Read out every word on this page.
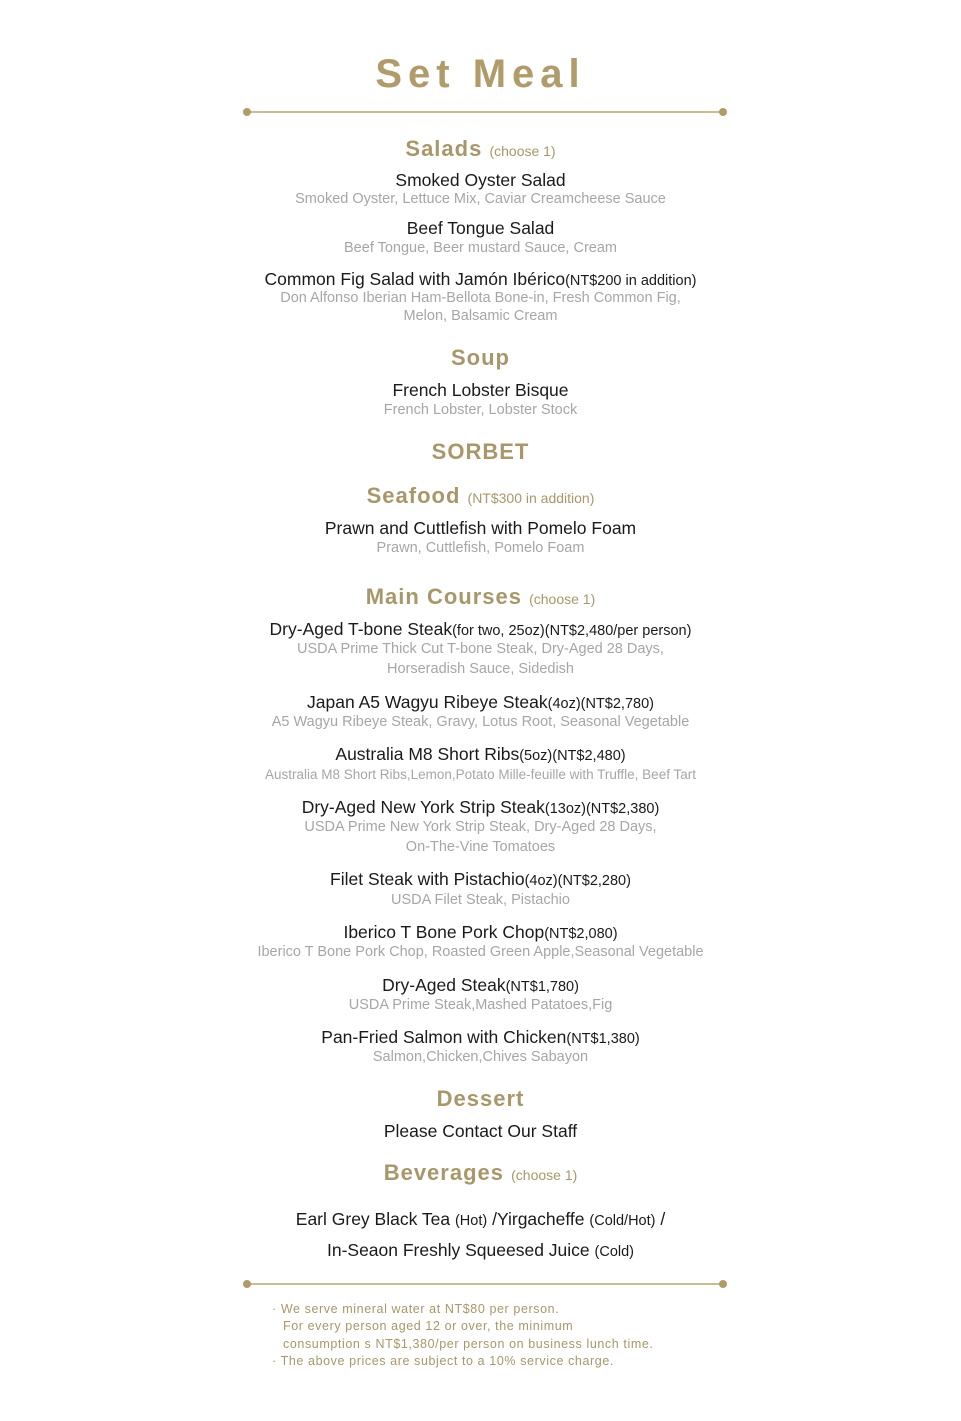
Set Meal
Salads (choose 1)
Smoked Oyster Salad
Smoked Oyster, Lettuce Mix, Caviar Creamcheese Sauce
Beef Tongue Salad
Beef Tongue, Beer mustard Sauce, Cream
Common Fig Salad with Jamón Ibérico(NT$200 in addition)
Don Alfonso Iberian Ham-Bellota Bone-in, Fresh Common Fig,
Melon, Balsamic Cream
Soup
French Lobster Bisque
French Lobster, Lobster Stock
SORBET
Seafood (NT$300 in addition)
Prawn and Cuttlefish with Pomelo Foam
Prawn, Cuttlefish, Pomelo Foam
Main Courses (choose 1)
Dry-Aged T-bone Steak(for two, 25oz)(NT$2,480/per person)
USDA Prime Thick Cut T-bone Steak, Dry-Aged 28 Days,
Horseradish Sauce, Sidedish
Japan A5 Wagyu Ribeye Steak(4oz)(NT$2,780)
A5 Wagyu Ribeye Steak, Gravy, Lotus Root, Seasonal Vegetable
Australia M8 Short Ribs(5oz)(NT$2,480)
Australia M8 Short Ribs,Lemon,Potato Mille-feuille with Truffle, Beef Tart
Dry-Aged New York Strip Steak(13oz)(NT$2,380)
USDA Prime New York Strip Steak, Dry-Aged 28 Days,
On-The-Vine Tomatoes
Filet Steak with Pistachio(4oz)(NT$2,280)
USDA Filet Steak, Pistachio
Iberico T Bone Pork Chop(NT$2,080)
Iberico T Bone Pork Chop, Roasted Green Apple,Seasonal Vegetable
Dry-Aged Steak(NT$1,780)
USDA Prime Steak,Mashed Patatoes,Fig
Pan-Fried Salmon with Chicken(NT$1,380)
Salmon,Chicken,Chives Sabayon
Dessert
Please Contact Our Staff
Beverages (choose 1)
Earl Grey Black Tea (Hot) /Yirgacheffe (Cold/Hot) /
In-Seaon Freshly Squeesed Juice (Cold)
· We serve mineral water at NT$80 per person.
For every person aged 12 or over, the minimum
consumption s NT$1,380/per person on business lunch time.
· The above prices are subject to a 10% service charge.
